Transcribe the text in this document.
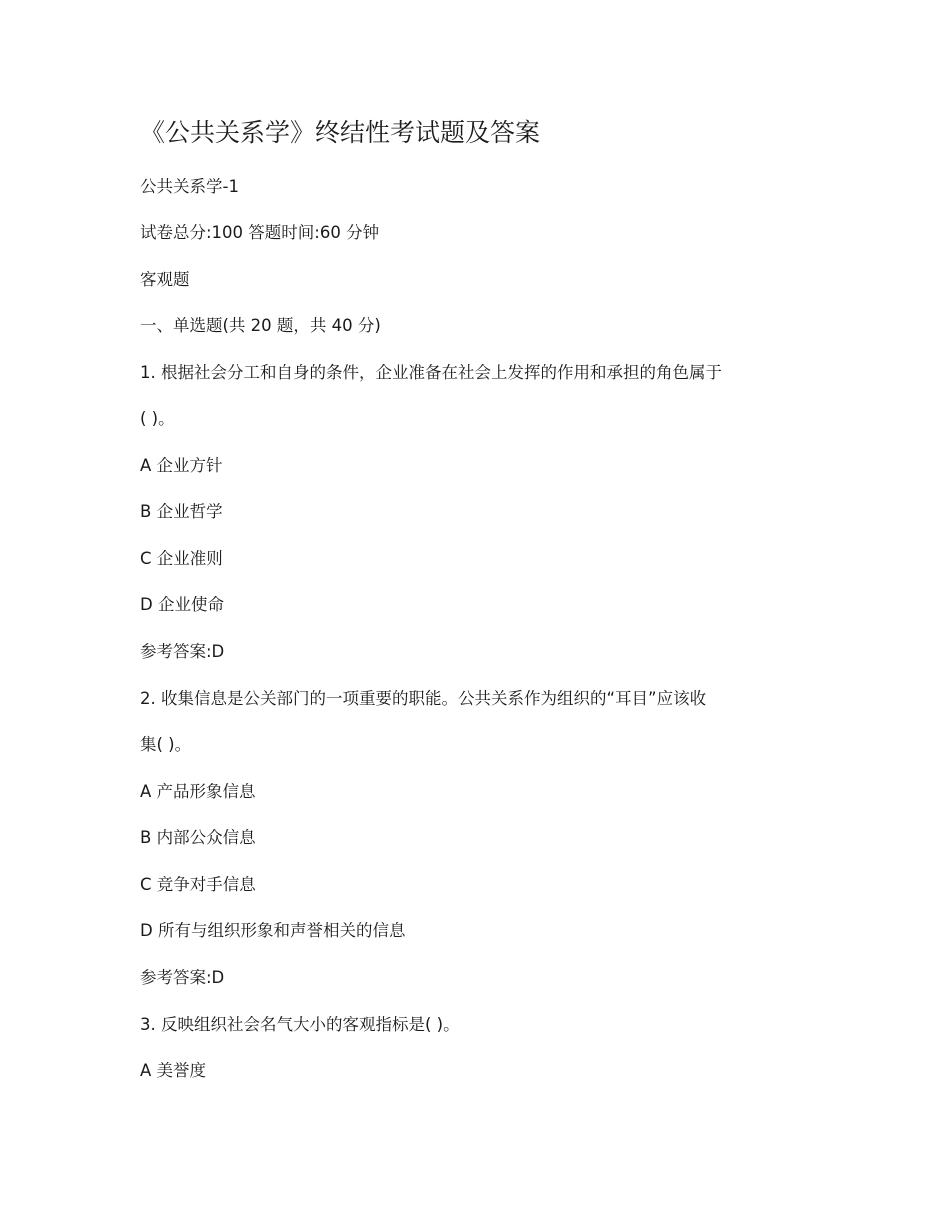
《公共关系学》终结性考试题及答案

公共关系学-1

试卷总分:100 答题时间:60 分钟

客观题

一、单选题(共 20 题，共 40 分)

1. 根据社会分工和自身的条件，企业准备在社会上发挥的作用和承担的角色属于

( )。

A 企业方针

B 企业哲学

C 企业准则

D 企业使命

参考答案:D

2. 收集信息是公关部门的一项重要的职能。公共关系作为组织的“耳目”应该收

集( )。

A 产品形象信息

B 内部公众信息

C 竞争对手信息

D 所有与组织形象和声誉相关的信息

参考答案:D

3. 反映组织社会名气大小的客观指标是( )。

A 美誉度
